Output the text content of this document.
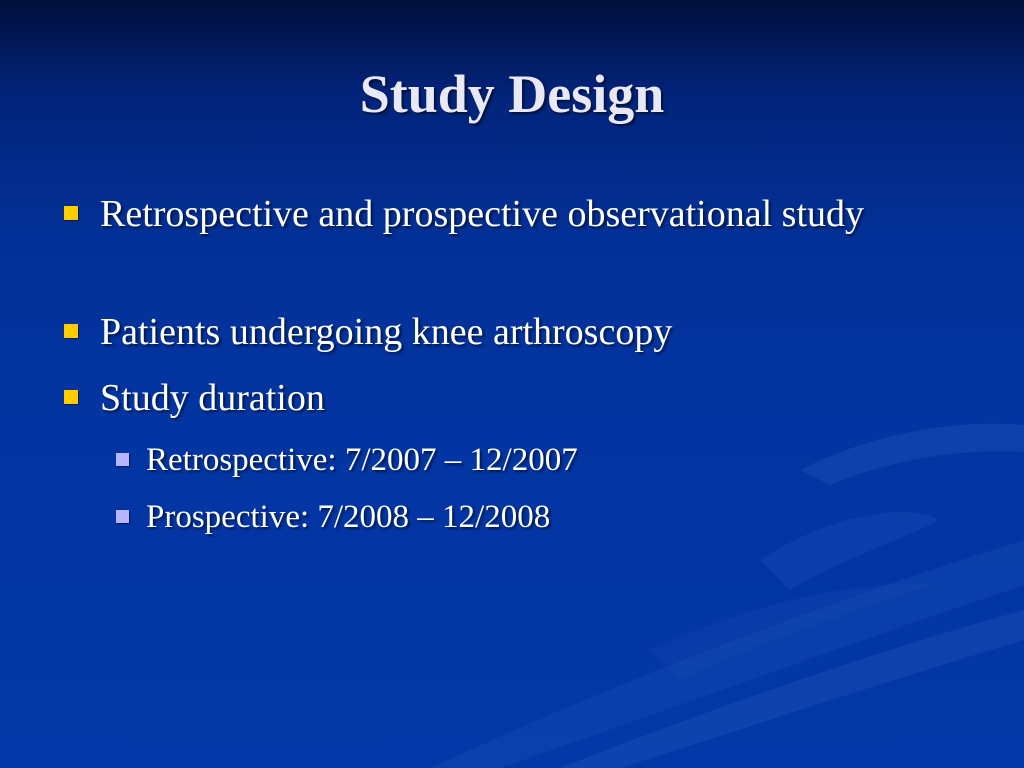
Study Design
Retrospective and prospective observational study
Patients undergoing knee arthroscopy
Study duration
Retrospective: 7/2007 – 12/2007
Prospective: 7/2008 – 12/2008
